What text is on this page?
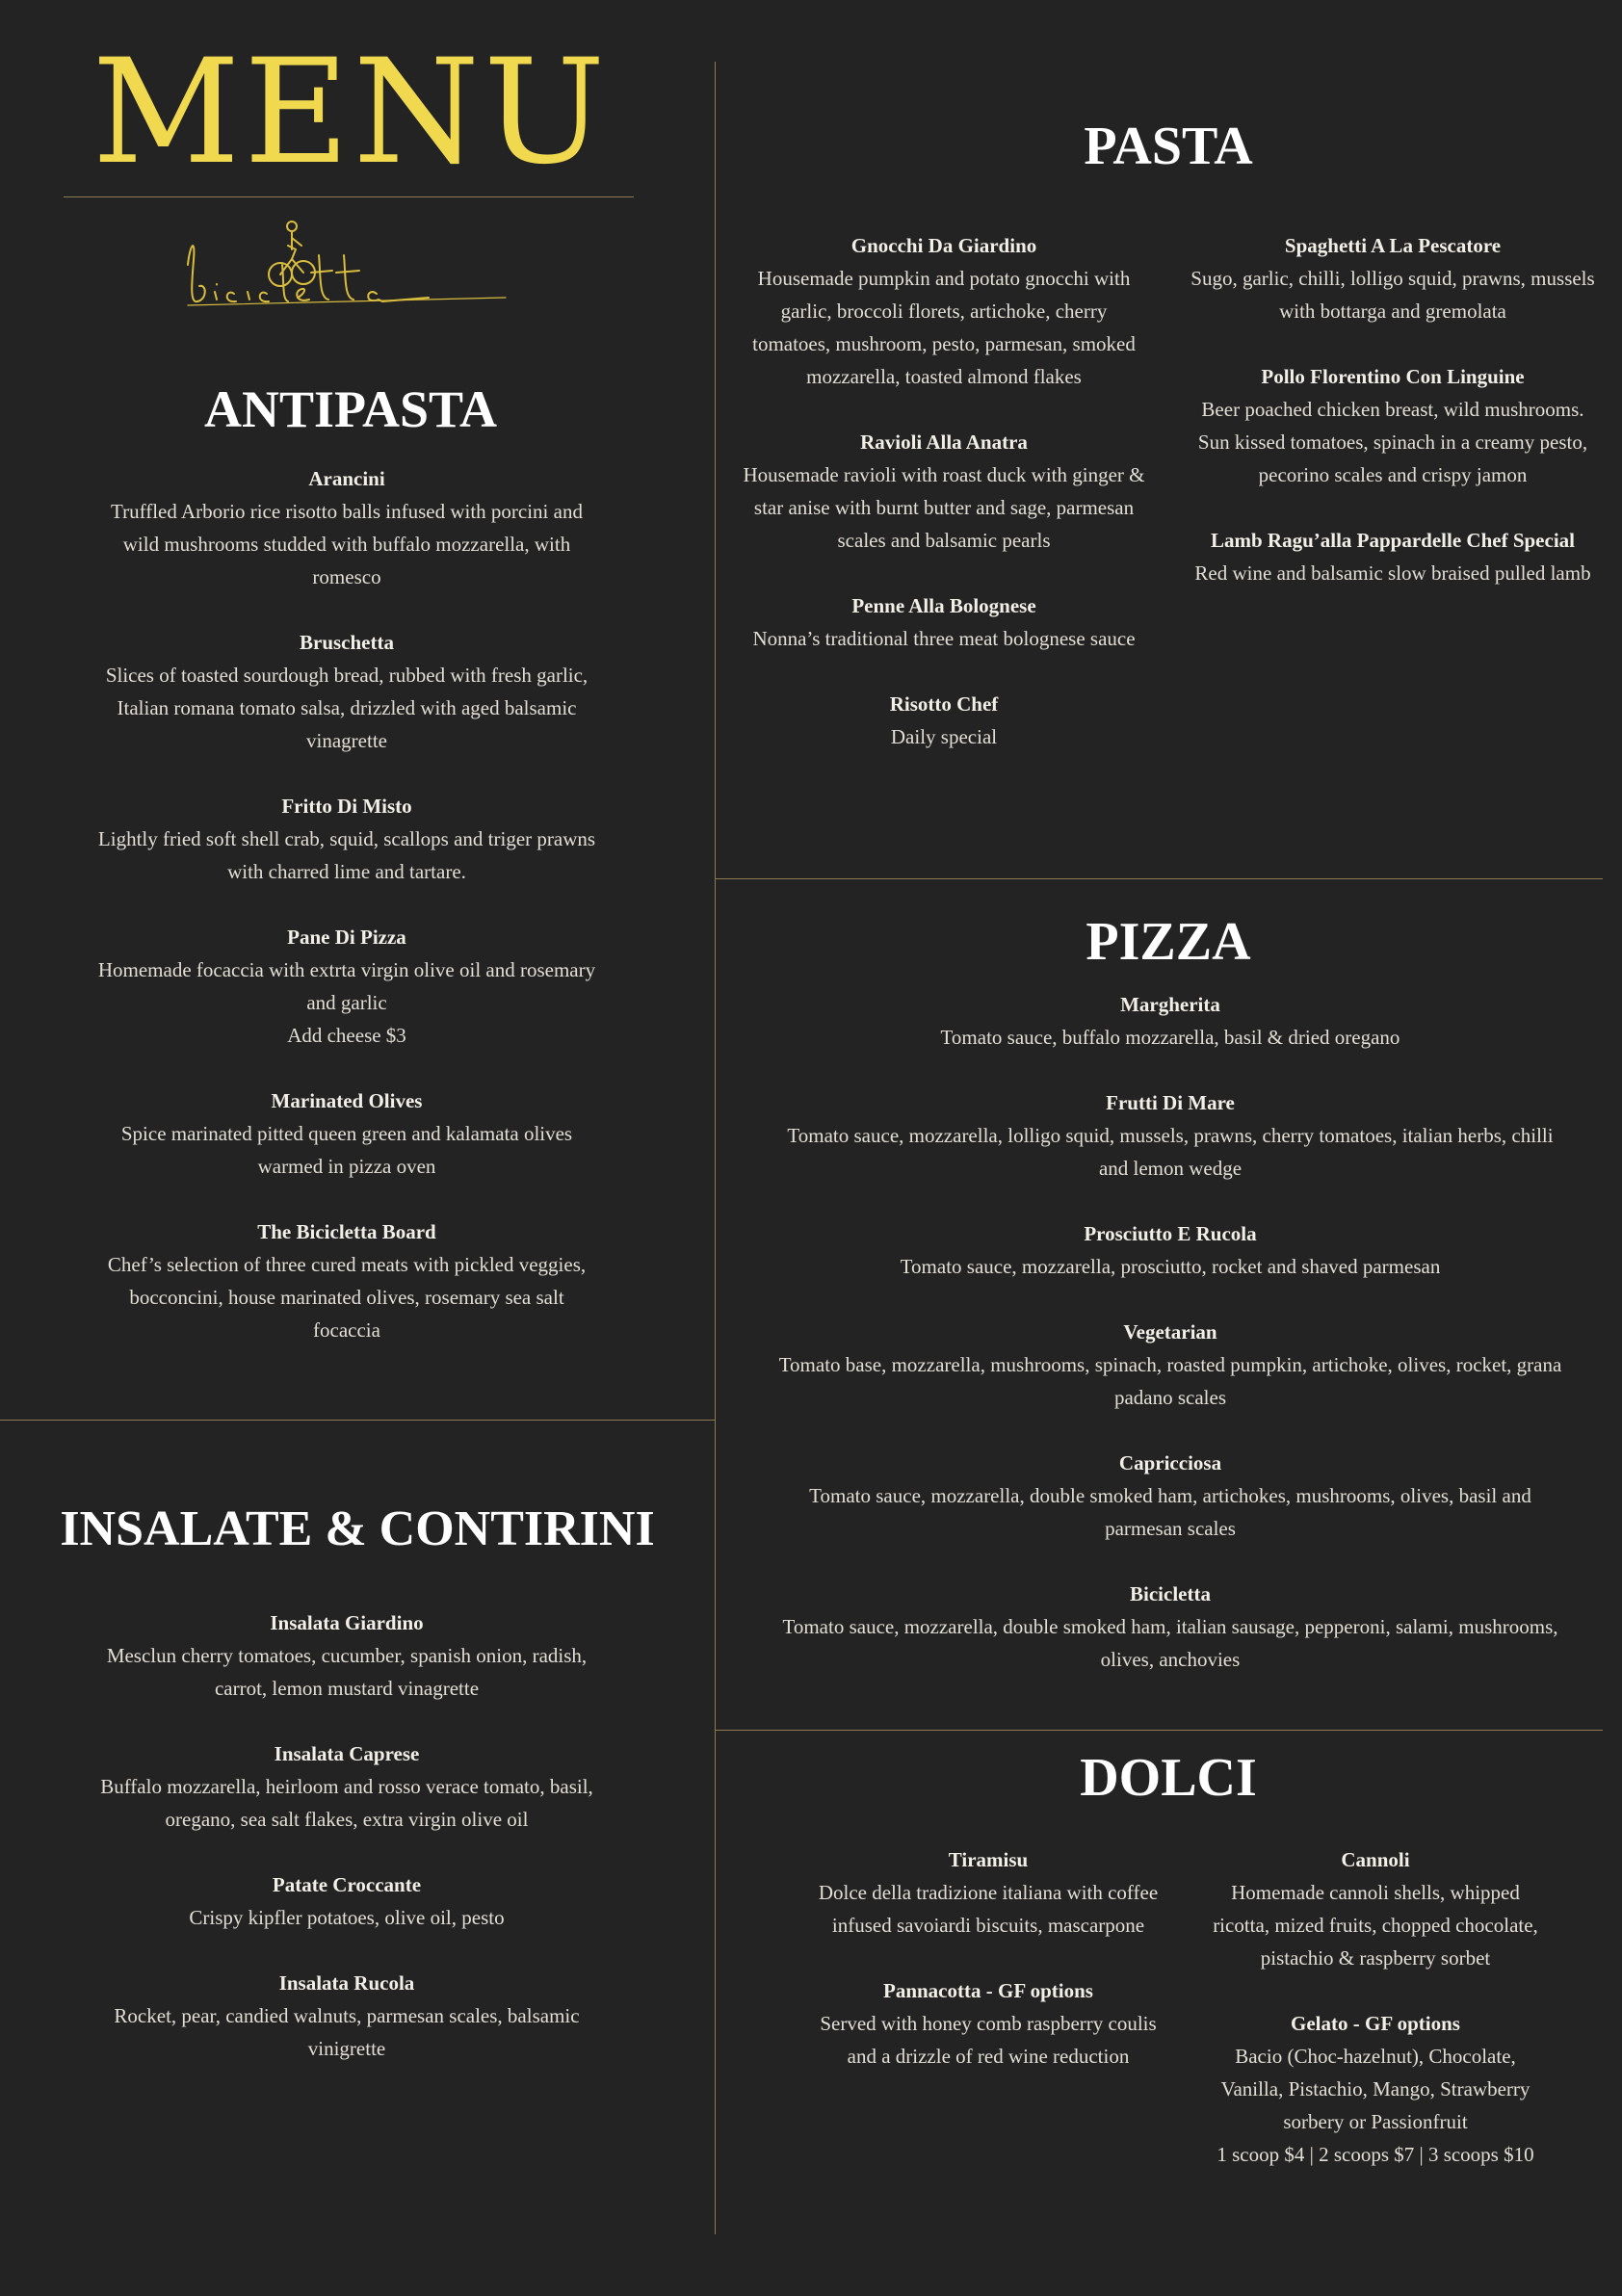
MENU
ANTIPASTA
Arancini
Truffled Arborio rice risotto balls infused with porcini and wild mushrooms studded with buffalo mozzarella, with romesco
Bruschetta
Slices of toasted sourdough bread, rubbed with fresh garlic, Italian romana tomato salsa, drizzled with aged balsamic vinagrette
Fritto Di Misto
Lightly fried soft shell crab, squid, scallops and triger prawns with charred lime and tartare.
Pane Di Pizza
Homemade focaccia with extrta virgin olive oil and rosemary and garlic
Add cheese $3
Marinated Olives
Spice marinated pitted queen green and kalamata olives warmed in pizza oven
The Bicicletta Board
Chef’s selection of three cured meats with pickled veggies, bocconcini, house marinated olives, rosemary sea salt focaccia
INSALATE & CONTIRINI
Insalata Giardino
Mesclun cherry tomatoes, cucumber, spanish onion, radish, carrot, lemon mustard vinagrette
Insalata Caprese
Buffalo mozzarella, heirloom and rosso verace tomato, basil, oregano, sea salt flakes, extra virgin olive oil
Patate Croccante
Crispy kipfler potatoes, olive oil, pesto
Insalata Rucola
Rocket, pear, candied walnuts, parmesan scales, balsamic vinigrette
PASTA
Gnocchi Da Giardino
Housemade pumpkin and potato gnocchi with garlic, broccoli florets, artichoke, cherry tomatoes, mushroom, pesto, parmesan, smoked mozzarella, toasted almond flakes
Ravioli Alla Anatra
Housemade ravioli with roast duck with ginger & star anise with burnt butter and sage, parmesan scales and balsamic pearls
Penne Alla Bolognese
Nonna’s traditional three meat bolognese sauce
Risotto Chef
Daily special
Spaghetti A La Pescatore
Sugo, garlic, chilli, lolligo squid, prawns, mussels with bottarga and gremolata
Pollo Florentino Con Linguine
Beer poached chicken breast, wild mushrooms. Sun kissed tomatoes, spinach in a creamy pesto, pecorino scales and crispy jamon
Lamb Ragu’alla Pappardelle Chef Special
Red wine and balsamic slow braised pulled lamb
PIZZA
Margherita
Tomato sauce, buffalo mozzarella, basil & dried oregano
Frutti Di Mare
Tomato sauce, mozzarella, lolligo squid, mussels, prawns, cherry tomatoes, italian herbs, chilli and lemon wedge
Prosciutto E Rucola
Tomato sauce, mozzarella, prosciutto, rocket and shaved parmesan
Vegetarian
Tomato base, mozzarella, mushrooms, spinach, roasted pumpkin, artichoke, olives, rocket, grana padano scales
Capricciosa
Tomato sauce, mozzarella, double smoked ham, artichokes, mushrooms, olives, basil and parmesan scales
Bicicletta
Tomato sauce, mozzarella, double smoked ham, italian sausage, pepperoni, salami, mushrooms, olives, anchovies
DOLCI
Tiramisu
Dolce della tradizione italiana with coffee infused savoiardi biscuits, mascarpone
Pannacotta - GF options
Served with honey comb raspberry coulis and a drizzle of red wine reduction
Cannoli
Homemade cannoli shells, whipped ricotta, mized fruits, chopped chocolate, pistachio & raspberry sorbet
Gelato - GF options
Bacio (Choc-hazelnut), Chocolate, Vanilla, Pistachio, Mango, Strawberry sorbery or Passionfruit
1 scoop $4 | 2 scoops $7 | 3 scoops $10
